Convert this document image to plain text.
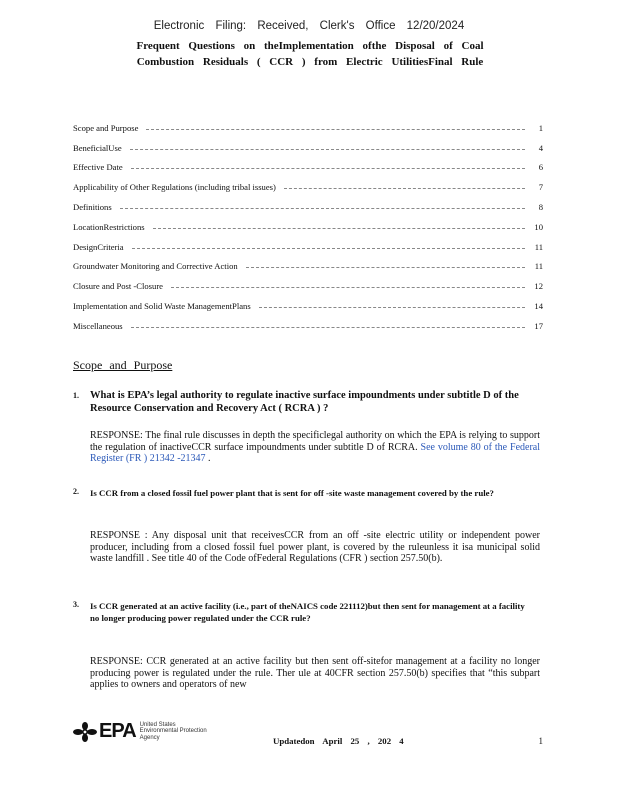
Electronic Filing: Received, Clerk's Office 12/20/2024
Frequent Questions on theImplementation ofthe Disposal of Coal
Combustion Residuals ( CCR ) from Electric UtilitiesFinal Rule
Scope and Purpose	1
BeneficialUse	4
Effective Date	6
Applicability of Other Regulations (including tribal issues)	7
Definitions	8
LocationRestrictions	10
DesignCriteria	11
Groundwater Monitoring and Corrective Action	11
Closure and Post -Closure	12
Implementation and Solid Waste ManagementPlans	14
Miscellaneous	17
Scope and Purpose
1. What is EPA’s legal authority to regulate inactive surface impoundments under subtitle D of the Resource Conservation and Recovery Act ( RCRA ) ?
RESPONSE: The final rule discusses in depth the specificlegal authority on which the EPA is relying to support the regulation of inactiveCCR surface impoundments under subtitle D of RCRA. See volume 80 of the Federal Register (FR ) 21342 -21347 .
2. Is CCR from a closed fossil fuel power plant that is sent for off -site waste management covered by the rule?
RESPONSE : Any disposal unit that receivesCCR from an off -site electric utility or independent power producer, including from a closed fossil fuel power plant, is covered by the ruleunless it isa municipal solid waste landfill . See title 40 of the Code ofFederal Regulations (CFR ) section 257.50(b).
3. Is CCR generated at an active facility (i.e., part of theNAICS code 221112)but then sent for management at a facility no longer producing power regulated under the CCR rule?
RESPONSE: CCR generated at an active facility but then sent off-sitefor management at a facility no longer producing power is regulated under the rule. Ther ule at 40CFR section 257.50(b) specifies that “this subpart applies to owners and operators of new
EPA United States Environmental Protection Agency	Updatedon April 25 , 202 4	1
